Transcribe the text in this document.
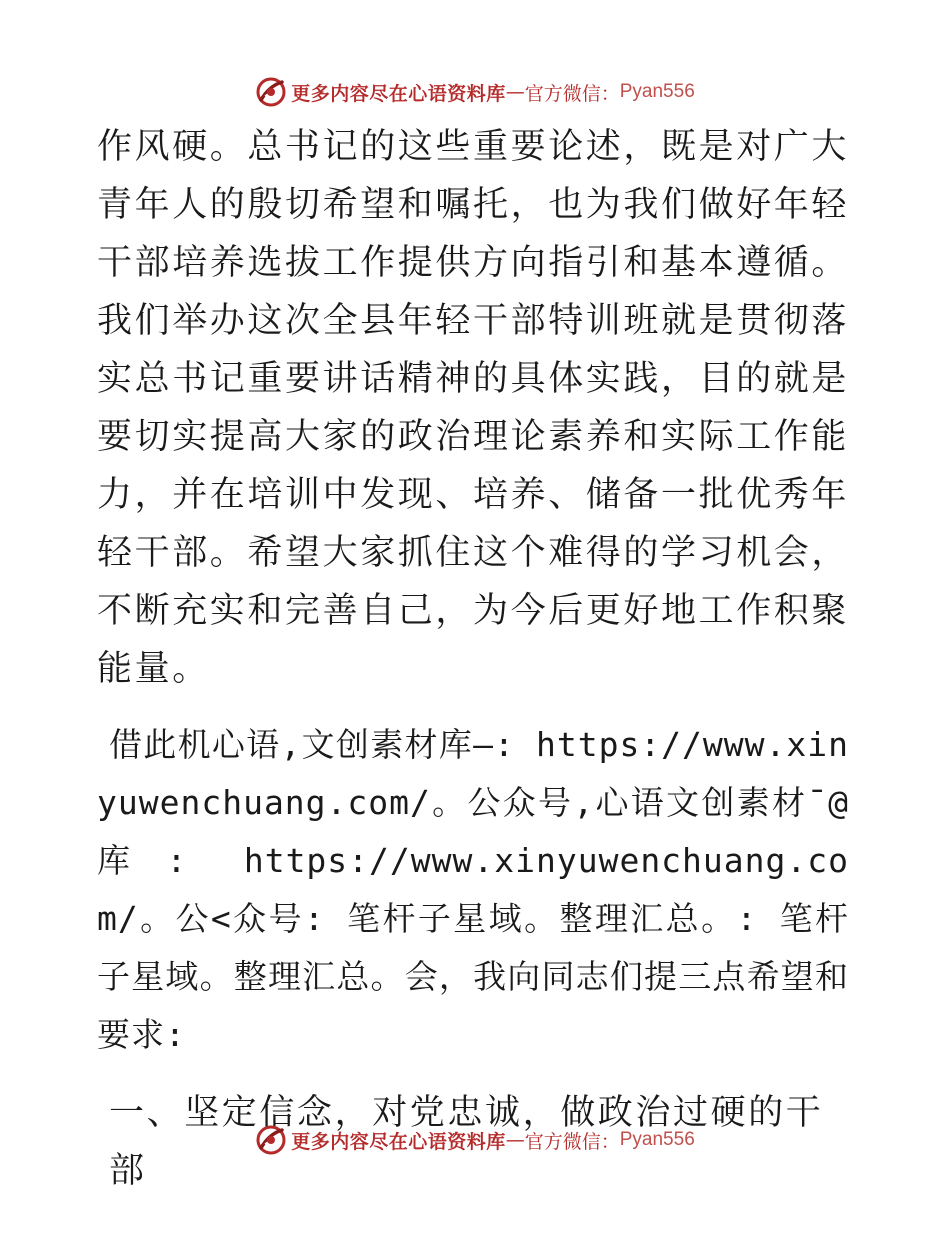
更多内容尽在心语资料库 — 官方微信： Pyan556

作风硬。总书记的这些重要论述，既是对广大青年人的殷切希望和嘱托，也为我们做好年轻干部培养选拔工作提供方向指引和基本遵循。我们举办这次全县年轻干部特训班就是贯彻落实总书记重要讲话精神的具体实践，目的就是要切实提高大家的政治理论素养和实际工作能力，并在培训中发现、培养、储备一批优秀年轻干部。希望大家抓住这个难得的学习机会，不断充实和完善自己，为今后更好地工作积聚能量。

借此机心语,文创素材库—: https://www.xinyuwenchuang.com/。公众号,心语文创素材¯@库: https://www.xinyuwenchuang.com/。公<众号: 笔杆子星域。整理汇总。: 笔杆子星域。整理汇总。会，我向同志们提三点希望和要求:

一、坚定信念，对党忠诚，做政治过硬的干部

更多内容尽在心语资料库 — 官方微信： Pyan556
